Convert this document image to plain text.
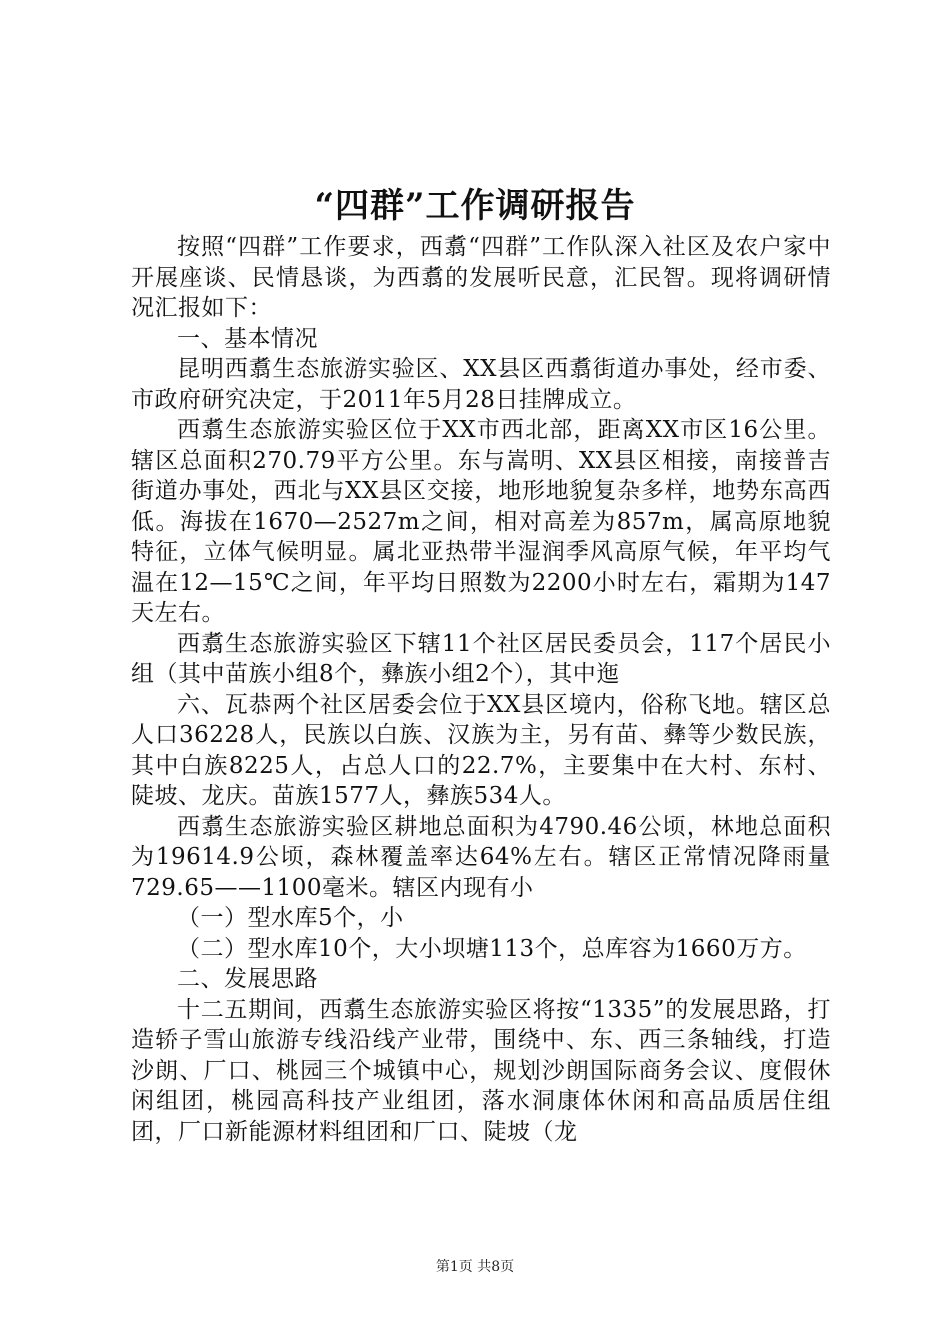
“四群”工作调研报告

按照“四群”工作要求，西翥“四群”工作队深入社区及农户家中开展座谈、民情恳谈，为西翥的发展听民意，汇民智。现将调研情况汇报如下：

一、基本情况

昆明西翥生态旅游实验区、XX县区西翥街道办事处，经市委、市政府研究决定，于2011年5月28日挂牌成立。

西翥生态旅游实验区位于XX市西北部，距离XX市区16公里。辖区总面积270.79平方公里。东与嵩明、XX县区相接，南接普吉街道办事处，西北与XX县区交接，地形地貌复杂多样，地势东高西低。海拔在1670—2527m之间，相对高差为857m，属高原地貌特征，立体气候明显。属北亚热带半湿润季风高原气候，年平均气温在12—15℃之间，年平均日照数为2200小时左右，霜期为147天左右。

西翥生态旅游实验区下辖11个社区居民委员会，117个居民小组（其中苗族小组8个，彝族小组2个），其中迤

六、瓦恭两个社区居委会位于XX县区境内，俗称飞地。辖区总人口36228人，民族以白族、汉族为主，另有苗、彝等少数民族，其中白族8225人，占总人口的22.7%，主要集中在大村、东村、陡坡、龙庆。苗族1577人，彝族534人。

西翥生态旅游实验区耕地总面积为4790.46公顷，林地总面积为19614.9公顷，森林覆盖率达64%左右。辖区正常情况降雨量729.65——1100毫米。辖区内现有小

（一）型水库5个，小

（二）型水库10个，大小坝塘113个，总库容为1660万方。

二、发展思路

十二五期间，西翥生态旅游实验区将按“1335”的发展思路，打造轿子雪山旅游专线沿线产业带，围绕中、东、西三条轴线，打造沙朗、厂口、桃园三个城镇中心，规划沙朗国际商务会议、度假休闲组团，桃园高科技产业组团，落水洞康体休闲和高品质居住组团，厂口新能源材料组团和厂口、陡坡（龙

第1页 共8页
